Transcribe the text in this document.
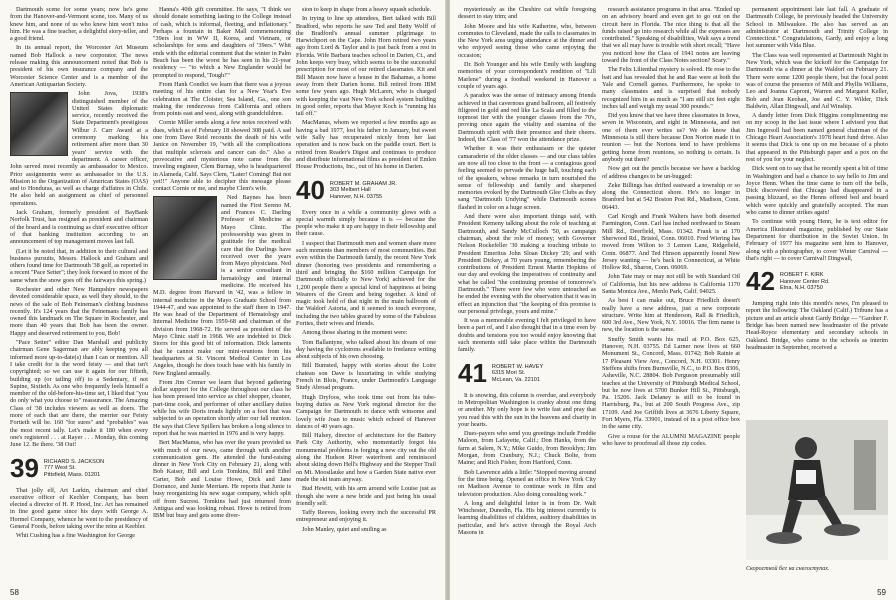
Dartmouth scene for some years; now he's gone from the Hanover-and-Vermont scene, too. Many of us knew him, and none of us who knew him won't miss him. He was a fine teacher, a delightful story-teller, and a good friend.

In its annual report, the Worcester Art Museum named Bob Hallock a new corporator. The news release making this announcement noted that Bob is president of his own insurance company and the Worcester Science Center and is a member of the American Antiquarian Society.

John Jova, 1938's distinguished member of the United States diplomatic service, recently received the State Department's prestigious Wilbur J. Carr Award at a ceremony marking his retirement after more than 30 years' service with the department. A career officer, John served most recently as ambassador to Mexico. Prior assignments were as ambassador to the U.S. Mission to the Organization of American States (OAS) and to Honduras, as well as charge d'affaires in Chile. He also held an assignment as chief of personnel operations.

Jack Graham, formerly president of BayBank Norfolk Trust, has resigned as president and chairman of the board and is continuing as chief executive officer of that banking institution according to an announcement of top management moves last fall.

(Let it be noted that, in addition to their cultural and business pursuits, Messrs. Hallock and Graham and others found time for Dartmouth '38 golf, as reported in a recent "Pace Setter"; they look forward to more of the same when the snow goes off the fairways this spring.)

Rochester and other New Hampshire newspapers devoted considerable space, as well they should, to the news of the sale of Bob Feineman's clothing business recently. It's 124 years that the Feinemans family has owned this landmark on The Square in Rochester, and more than 40 years that Bob has been the owner. Happy and deserved retirement to you, Bob!

"Pace Setter" editor Dan Marshall and publicity chairman Gene Sagerman are ably keeping you all informed more up-to-date(s) than I can or mention. All I take credit for is the word feisty — and that isn't copyrighted; so we can use it again for our fiftieth, building up (or tailing off) to a Sedentary, if not Supine, Sixtieth. As one who frequently feels himself a member of the old-before-his-time set, I liked that "you do only what you choose to" reassurance. The Amazing Class of '38 includes viewers as well as doers. The more of each that are there, the merrier our Feisty Fortieth will be. 160 "for sures" and "probables" was the most recent tally. Let's make it 180 when every one's registered . . . at Rayer . . . Monday, this coming June 12. Be there. '38 Out!

39 RICHARD S. JACKSON
777 West St.
Pittsfield, Mass. 01201

That jolly elf, Art Larkin, chairman and chief executive officer of Kechler Company, has been elected a director of H. P. Hood, Inc. Art has remained in fine good game since his days with George A. Hormel Company, whence he went to the presidency of General Foods, before taking over the reins at Keebler.

Whit Cushing has a fine Washington for George

Hanna's 40th gift committee. He says, "I think we should donate something lasting to the College instead of cash, which is informal, fleeting, and inflationary." Perhaps a fountain in Baker Mall commemorating "39ers lost in WW II, Korea, and Vietnam, or scholarships for sons and daughters of '39ers." Whit ends with the editorial comment that the winter in Palm Beach has been the worst he has seen in his 21-year residency — "to which a New Englander would be prompted to respond, 'Tough!'"

From Hank Condict we learn that there was a joyous meeting of his entire clan for a New Year's Eve celebration at The Cloister, Sea Island, Ga., one son making the rendezvous from California and others from points east and west, along with grandchildren.

Cornie Miller sends along a few notes received with dues, which as of February 18 showed 308 paid. A sad one from Dave Reid recounts the death of his wife Janice on November 19, "with all the complications that multiple sclerosis and cancer can do." Also a provocative and mysterious note came from the traveling engineer, Clem Burnap, who is headquartered in Alameda, Calif. Says Clem, "Later! Coming! But not yet!!" Anyone able to decipher this message please contact Cornie or me, and maybe Clem's wife.

Ned Baynes has been named the First Sereno M. and Frances C. Darling Professor of Medicine at Mayo Clinic. The professorship was given in gratitude for the medical care that the Darlings have received over the years from Mayo physicians. Ned is a senior consultant in hematology and internal medicine. He received his M.D. degree from Harvard in '42, was a fellow in internal medicine in the Mayo Graduate School from 1944-47, and was appointed to the staff there in 1947. He was head of the Department of Hematology and Internal Medicine from 1959-68 and chairman of the division from 1968-72. He served as president of the Mayo Clinic staff in 1968. We are indebted to Dick Storrs for this good bit of information. Dick laments that he cannot make our mini-reunions from his headquarters at St. Vincent Medical Center in Los Angeles, though he does touch base with his family in New England annually.

From Jim Cremer we learn that beyond gathering dollar support for the College throughout our class he has been pressed into service as chief shopper, cleaner, part-time cook, and performer of other ancillary duties while his wife Doris treads lightly on a foot that was subjected to an operation shortly after our fall reunion. He says that Cleve Spillers has broken a long silence to report that he was married in 1976 and is very happy.

Bert MacManus, who has over the years provided us with much of our news, came through with another communication gem. He attended the fund-raising dinner in New York City on February 21, along with Bob Kaiser, Bill and Lois Tomkins, Bill and Ethel Carter, Bob and Louise Howe, Dick and Jane Dorrance, and Junie Merriam. He reports that Junie is busy reorganizing his new sugar company, which split off from Sucrest. Tomkins had just returned from Antigua and was looking robust. Howe is retired from IBM but busy and gets some diver-

sion to keep in shape from a heavy squash schedule.

In trying to line up attendees, Bert talked with Bill Bradford, who reports he saw Ted and Betty Wolff of the Bradford's annual summer pilgrimage to Harwichport on the Cape. John Horn retired two years ago from Lord & Taylor and is just back from a rest in Florida. Wife Barbara teaches school in Darien, Ct., and John keeps very busy, which seems to be the successful prescription for most of our retired classmates. Kit and Bill Mason now have a house in the Bahamas, a home away from their Darien home. Bill retired from IBM some few years ago. Hugh McLaren, who is charged with keeping the vast New York school system building in good order, reports that Mayor Koch is "running his tail off."

MacManus, whom we reported a few months ago as having a bad 1977, lost his father in January, but sweet wife Sally has recuperated nicely from her last operation and is now back on the paddle court. Bert is retired from Reader's Digest and continues to produce and distribute informational films as president of Emlen House Productions, Inc., out of his home in Darien.

40 ROBERT M. GRAHAM JR.
303 Melbert Hall
Hanover, N.H. 03755

Every once in a while a community glows with a special warmth simply because it is — because the people who make it up are happy in their fellowship and their cause.

I suspect that Dartmouth men and women share more such moments than members of most communities. But even within the Dartmouth family, the recent New York dinner (honoring two presidents and remembering a third and bringing the $160 million Campaign for Dartmouth officially to New York) achieved for the 1,200 people there a special kind of happiness at being Wearers of the Green and being together. A kind of magic took hold of that night in the main ballroom of the Waldorf Astoria, and it seemed to touch everyone, including the two tables graced by some of the Fabulous Forties, their wives and friends.

Among those sharing in the moment were:

Tom Ballantyne, who talked about his dream of one day having the cyclotrons available to freelance writing about subjects of his own choosing.

Bill Bumsted, happy with stories about the Loire chateau son Dave is luxuriating in while studying French in Blois, France, under Dartmouth's Language Study Abroad program.

Hugh Dryfoos, who took time out from his tube-buying duties as New York regional director for the Campaign for Dartmouth to dance with winsome and lovely wife Joan to music which echoed of Hanover dances of 40 years ago.

Bill Halsey, director of architecture for the Battery Park City Authority, who momentarily forgot his monumental problems in forging a new city out the old along the Hudson River waterfront and reminisced about skiing down Hell's Highway and the Stepper Trail on Mt. Moosilauke and how a Garden State native ever made the ski team anyway.

Bud Hewitt, with his arm around wife Louise just as though she were a new bride and just being his usual friendly self.

Taffy Reeves, looking every inch the successful PR entrepreneur and enjoying it.

John Manley, quiet and smiling as

58

mysteriously as the Cheshire cat while foregoing dessert to stay trim; and

John Moore and his wife Katherine, who, between commutes to Cleveland, made the calls to classmates in the New York area urging attendance at the dinner and who enjoyed seeing those who came enjoying the occasion;

Dr. Bob Younger and his wife Emily with laughing memories of your correspondent's rendition of "Lili Marlene" during a football weekend in Hanover a couple of years ago.

A paradox was the sense of intimacy among friends achieved in that cavernous grand ballroom, all festively filigreed in gold and red like La Scala and filled to the topmost tier with the younger classes from the 70's, proving once again the vitality and stamina of the Dartmouth spirit with their presence and their cheers. Indeed, the Class of '77 won the attendance prize.

Whether it was their enthusiasm or the quieter camaraderie of the older classes — and our class tables are now all too close to the front — a contagious good feeling seemed to pervade the huge hall, touching each of the speakers, whose remarks in turn nourished the sense of fellowship and family and sharpened memories evoked by the Dartmouth Glee Clubs as they sang "Dartmouth Undying" while Dartmouth scenes flashed in color on a huge screen.

And there were also important things said, with President Kemeny talking about the role of teaching at Dartmouth, and Sandy McCulloch '50, as campaign chairman, about the role of money; with Governor Nelson Rockefeller '30 making a touching tribute to President Emeritus John Sloan Dickey '29; and with President Dickey, at 70 years young, remembering the contributions of President Ernest Martin Hopkins of our day and evoking the imperatives of continuity and what he called "the continuing promise of tomorrow's Dartmouth." There were few who were untouched as he ended the evening with the observation that it was in effect an injunction that "the keeping of this promise is our personal privilege, yours and mine."

It was a memorable evening I felt privileged to have been a part of, and I also thought that in a time even by doubts and tensions you too would enjoy knowing that such moments still take place within the Dartmouth family.

41 ROBERT W. HAVEY
6315 Mori St.
McLean, Va. 22101

It is snowing, this column is overdue, and everybody in Metropolitan Washington is cranky about one thing or another. My only hope is to write fast and pray that you read this with the sun in the heavens and charity in your hearts.

Dues-payers who send you greetings include Freddie Maloon, from Lafayette, Calif.; Don Hanks, from the farm at Salem, N.Y.; Mike Guido, from Brooklyn; Jim Morgan, from Cranbury, N.J.; Chuck Bolte, from Maine; and Rich Fisher, from Hartford, Conn.

Bob Lawrence adds a little: "Stopped moving around for the time being. Opened an office in New York City on Madison Avenue to continue work in film and television production. Also doing consulting work."

A long and delightful letter is in from Dr. Walt Winchester, Dunedin, Fla. His big interest currently is learning disabilities of children, auditory disabilities in particular, and he's active through the Royal Arch Masons in

research assistance programs in that area. "Ended up on an advisory board and even get to go out on the circuit here in Florida. The nice thing is that all the funds raised go into research while all the expenses are contributed." Speaking of disabilities, Walt says a trend that we all may have is trouble with short recall; "Have you noticed how the Class of 1941 notes are leaving toward the front of the Class Notes section? Scary."

The Felix Lilienthal mystery is solved. He rose to the bait and has revealed that he and Rae were at both the Yale and Cornell games. Furthermore, he spoke to many classmates and is surprised that nobody recognized him in as much as "I am still six feet eight inches tall and weigh my usual 300 pounds."

Did you know that we have three classmates in Iowa, seven in Wisconsin, and eight in Minnesota, and not one of them ever writes us? We do know that Minnesota is still there because Don Norton made it to reunion — but the Nortons tend to have problems getting home from reunions, so nothing is certain. Is anybody out there?

Now get out the pencils because we have a backlog of address changes to be un-bugged:

Zeke Billings has drifted eastward a township or so along the Connecticut shore. He's no longer in Branford but at 542 Boston Post Rd., Madison, Conn. 06443.

Carl Krogh and Frank Walters have both deserted Farmington, Conn. Carl has inched northward to Steam Mill Rd., Deerfield, Mass. 01342. Frank is at 170 Sherwood Rd., Bristol, Conn. 06010. Fred Wiering has moved from Wilton to 3 Lemon Lane, Ridgefield, Conn. 06877. And Ted Hinson apparently found New Jersey wanting — he's back in Connecticut, at White Hollow Rd., Sharon, Conn. 06069.

John Tate may or may not still be with Standard Oil of California, but his new address is California 1170 Santa Monica Ave., Menlo Park, Calif. 94025.

As best I can make out, Bruce Friedlich doesn't really have a new address, just a new corporate structure. Write him at Henderson, Rall & Friedlich, 600 3rd Ave., New York, N.Y. 10016. The firm name is new, the location is the same.

Snuffy Smith wants his mail at P.O. Box 625, Hanover, N.H. 03755. Ed Larner now lives at 660 Monument St., Concord, Mass. 01742; Bob Rainie at 17 Pleasant View Ave., Concord, N.H. 03301. Henry Steffens shifts from Burnsville, N.C., to P.O. Box 8306, Asheville, N.C. 28804. Bob Ferguson presumably still teaches at the University of Pittsburgh Medical School, but he now lives at 5700 Bunker Hill St., Pittsburgh, Pa. 15206. Jack Delaney is still to be found in Harrisburg, Pa., but at 200 South Progress Ave., zip 17109. And Joe Griffith lives at 3676 Liberty Square, Fort Myers, Fla. 33901, instead of in a post office box in the same city.

Give a rouse for the ALUMNI MAGAZINE people who have to proofread all those zip codes.

permanent appointment late last fall. A graduate of Dartmouth College, he previously headed the University School in Milwaukee. He also has served as an administrator at Dartmouth and Trinity College in Connecticut." Congratulations, Gardy, and enjoy a long hot summer with Vida Blue.

The Class was well represented at Dartmouth Night in New York, which was the kickoff for the Campaign for Dartmouth via a dinner at the Waldorf on February 21. There were some 1200 people there, but the focal point was of course the presence of Milt and Phyllis Williams, Leo and Joanna Caproni, Warren and Margaret Keller, Bob and Jean Keohan, Joe and C. Y. Wilder, Dick Baldwin, Allan Dingwall, and Ad Winship.

A dandy letter from Dick Higgins complimenting me on my scoop in the last issue where I advised you that Jim Ingersoll had been named general chairman of the Chicago Heart Association's 1978 heart fund drive. Also it seems that Dick is one up on me because of a photo that appeared in the Pittsburgh paper and a pox on the rest of you for your neglect.

Dick went on to say that he recently spent a bit of time in Washington and had a chance to say hello to Jim and Joyce Henn. When the time came to turn off the bells, Dick discovered that Chicago had disappeared in a passing blizzard, so the Henns offered bed and board which were quickly and gratefully accepted. The man who came to dinner strikes again!

To continue with young Henn, he is text editor for America Illustrated magazine, published by our State Department for distribution in the Soviet Union. In February of 1977 his magazine sent him to Hanover, along with a photographer, to cover Winter Carnival — that's right — to cover Carnival! Dingwall,

42 ROBERT F. KIRK
Hanover Center Rd.
Etna, N.H. 03750

Jumping right into this month's news, I'm pleased to report the following: The Oakland (Calif.) Tribune has a picture and an article about Gardy Bridge — "Gardner F. Bridge has been named new headmaster of the private Head-Royce elementary and secondary schools in Oakland. Bridge, who came to the schools as interim headmaster in September, received a

Скоростной бег на снегоступах.
59
